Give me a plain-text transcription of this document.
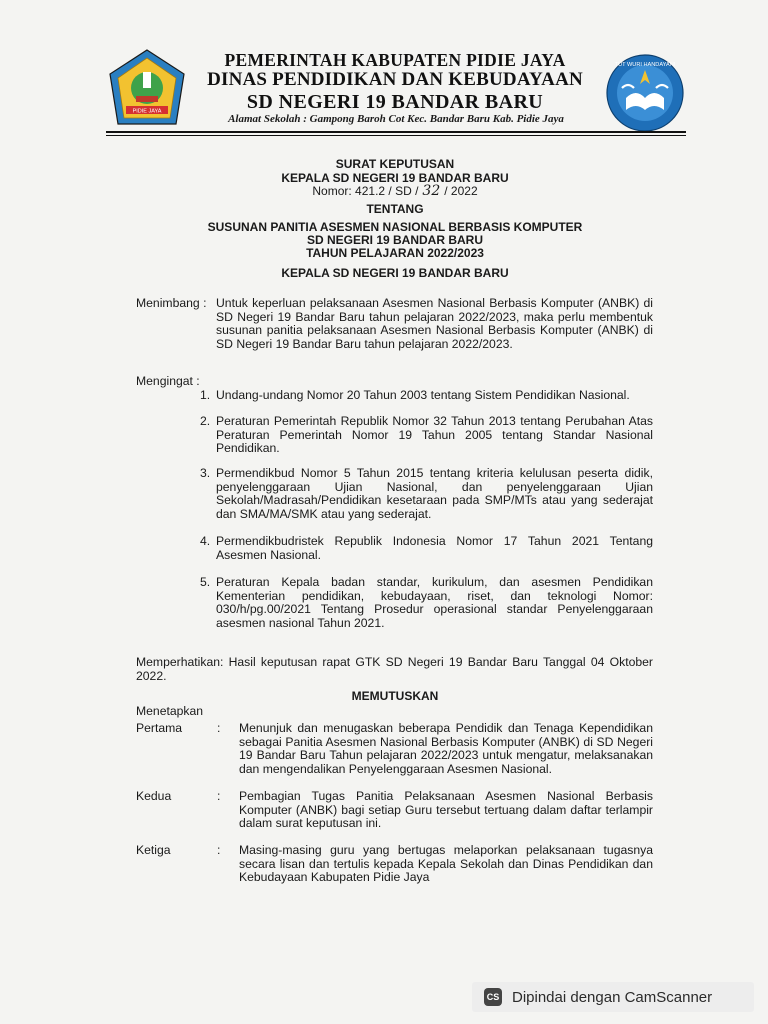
PIDIE JAYA
TUT WURI HANDAYANI
PEMERINTAH KABUPATEN PIDIE JAYA
DINAS PENDIDIKAN DAN KEBUDAYAAN
SD NEGERI 19 BANDAR BARU
Alamat Sekolah : Gampong Baroh Cot Kec. Bandar Baru Kab. Pidie Jaya
SURAT KEPUTUSAN
KEPALA SD NEGERI 19 BANDAR BARU
Nomor: 421.2 / SD / 32 / 2022
TENTANG
SUSUNAN PANITIA ASESMEN NASIONAL BERBASIS KOMPUTER
SD NEGERI 19 BANDAR BARU
TAHUN PELAJARAN 2022/2023
KEPALA SD NEGERI 19 BANDAR BARU
Menimbang : Untuk keperluan pelaksanaan Asesmen Nasional Berbasis Komputer (ANBK) di SD Negeri 19 Bandar Baru tahun pelajaran 2022/2023, maka perlu membentuk susunan panitia pelaksanaan Asesmen Nasional Berbasis Komputer (ANBK) di SD Negeri 19 Bandar Baru tahun pelajaran 2022/2023.
Mengingat :
1. Undang-undang Nomor 20 Tahun 2003 tentang Sistem Pendidikan Nasional.
2. Peraturan Pemerintah Republik Nomor 32 Tahun 2013 tentang Perubahan Atas Peraturan Pemerintah Nomor 19 Tahun 2005 tentang Standar Nasional Pendidikan.
3. Permendikbud Nomor 5 Tahun 2015 tentang kriteria kelulusan peserta didik, penyelenggaraan Ujian Nasional, dan penyelenggaraan Ujian Sekolah/Madrasah/Pendidikan kesetaraan pada SMP/MTs atau yang sederajat dan SMA/MA/SMK atau yang sederajat.
4. Permendikbudristek Republik Indonesia Nomor 17 Tahun 2021 Tentang Asesmen Nasional.
5. Peraturan Kepala badan standar, kurikulum, dan asesmen Pendidikan Kementerian pendidikan, kebudayaan, riset, dan teknologi Nomor: 030/h/pg.00/2021 Tentang Prosedur operasional standar Penyelenggaraan asesmen nasional Tahun 2021.
Memperhatikan: Hasil keputusan rapat GTK SD Negeri 19 Bandar Baru Tanggal 04 Oktober 2022.
MEMUTUSKAN
Menetapkan
Pertama	: Menunjuk dan menugaskan beberapa Pendidik dan Tenaga Kependidikan sebagai Panitia Asesmen Nasional Berbasis Komputer (ANBK) di SD Negeri 19 Bandar Baru Tahun pelajaran 2022/2023 untuk mengatur, melaksanakan dan mengendalikan Penyelenggaraan Asesmen Nasional.
Kedua	: Pembagian Tugas Panitia Pelaksanaan Asesmen Nasional Berbasis Komputer (ANBK) bagi setiap Guru tersebut tertuang dalam daftar terlampir dalam surat keputusan ini.
Ketiga	: Masing-masing guru yang bertugas melaporkan pelaksanaan tugasnya secara lisan dan tertulis kepada Kepala Sekolah dan Dinas Pendidikan dan Kebudayaan Kabupaten Pidie Jaya
CS Dipindai dengan CamScanner
